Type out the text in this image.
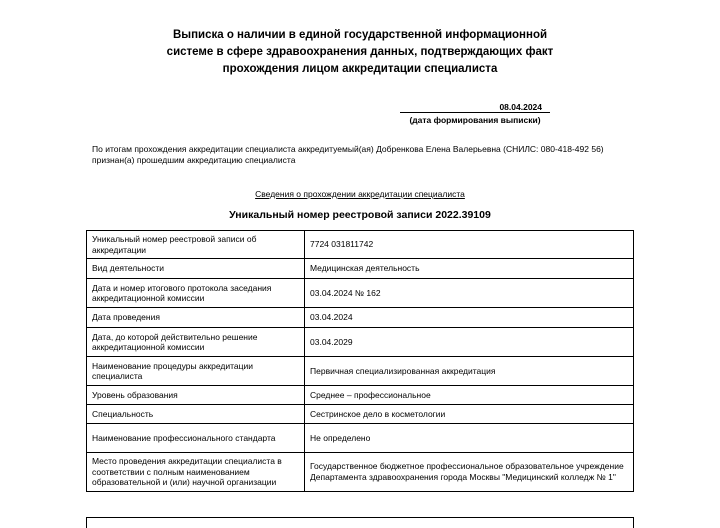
Выписка о наличии в единой государственной информационной
системе в сфере здравоохранения данных, подтверждающих факт
прохождения лицом аккредитации специалиста
08.04.2024
(дата формирования выписки)
По итогам прохождения аккредитации специалиста аккредитуемый(ая) Добренкова Елена Валерьевна (СНИЛС: 080-418-492 56) признан(а) прошедшим аккредитацию специалиста
Сведения о прохождении аккредитации специалиста
Уникальный номер реестровой записи 2022.39109
Уникальный номер реестровой записи об аккредитации	7724 031811742
Вид деятельности	Медицинская деятельность
Дата и номер итогового протокола заседания аккредитационной комиссии	03.04.2024 № 162
Дата проведения	03.04.2024
Дата, до которой действительно решение аккредитационной комиссии	03.04.2029
Наименование процедуры аккредитации специалиста	Первичная специализированная аккредитация
Уровень образования	Среднее – профессиональное
Специальность	Сестринское дело в косметологии
Наименование профессионального стандарта	Не определено
Место проведения аккредитации специалиста в соответствии с полным наименованием образовательной и (или) научной организации	Государственное бюджетное профессиональное образовательное учреждение Департамента здравоохранения города Москвы "Медицинский колледж № 1"
